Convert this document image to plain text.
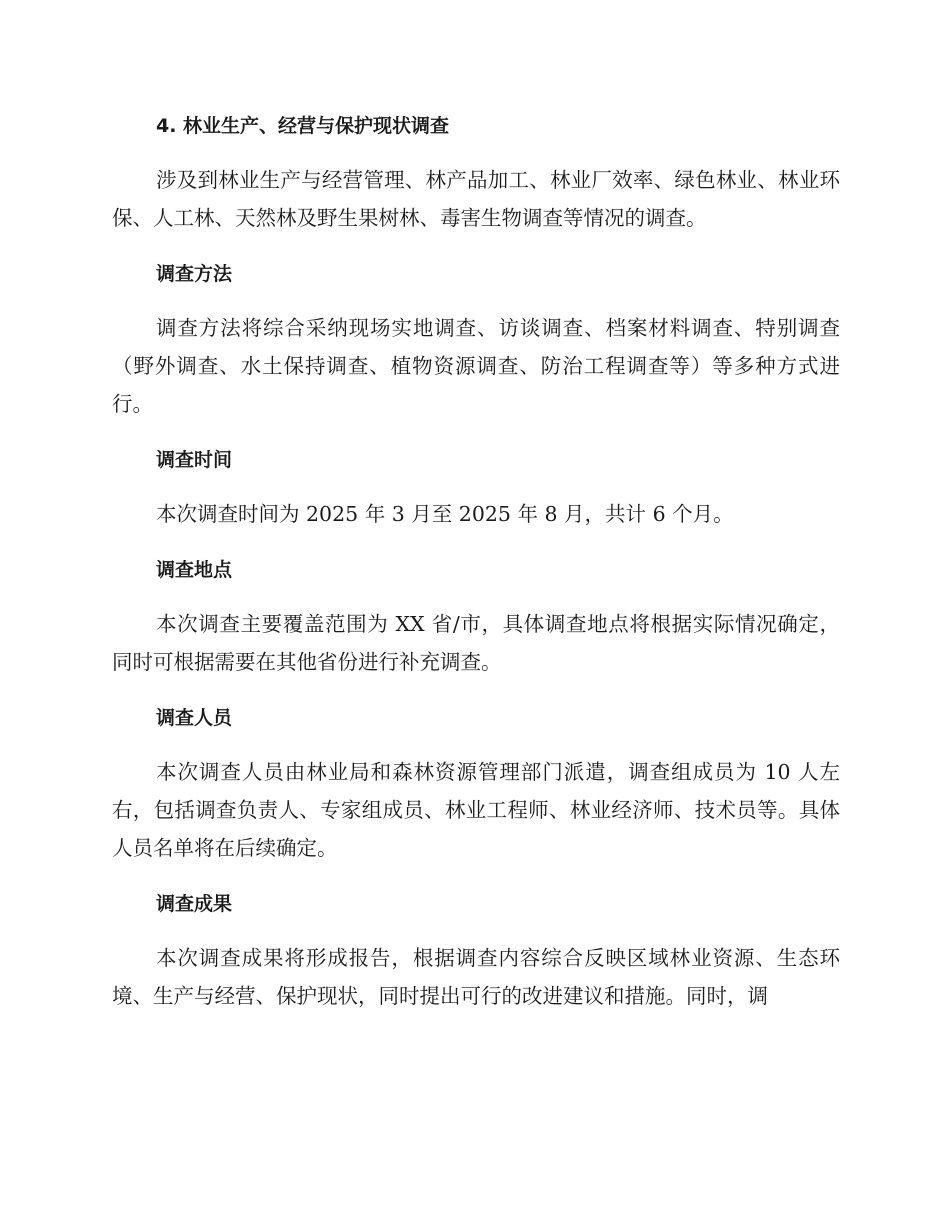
4. 林业生产、经营与保护现状调查

涉及到林业生产与经营管理、林产品加工、林业厂效率、绿色林业、林业环保、人工林、天然林及野生果树林、毒害生物调查等情况的调查。

调查方法

调查方法将综合采纳现场实地调查、访谈调查、档案材料调查、特别调查（野外调查、水土保持调查、植物资源调查、防治工程调查等）等多种方式进行。

调查时间

本次调查时间为 2025 年 3 月至 2025 年 8 月，共计 6 个月。

调查地点

本次调查主要覆盖范围为 XX 省/市，具体调查地点将根据实际情况确定，同时可根据需要在其他省份进行补充调查。

调查人员

本次调查人员由林业局和森林资源管理部门派遣，调查组成员为 10 人左右，包括调查负责人、专家组成员、林业工程师、林业经济师、技术员等。具体人员名单将在后续确定。

调查成果

本次调查成果将形成报告，根据调查内容综合反映区域林业资源、生态环境、生产与经营、保护现状，同时提出可行的改进建议和措施。同时，调
